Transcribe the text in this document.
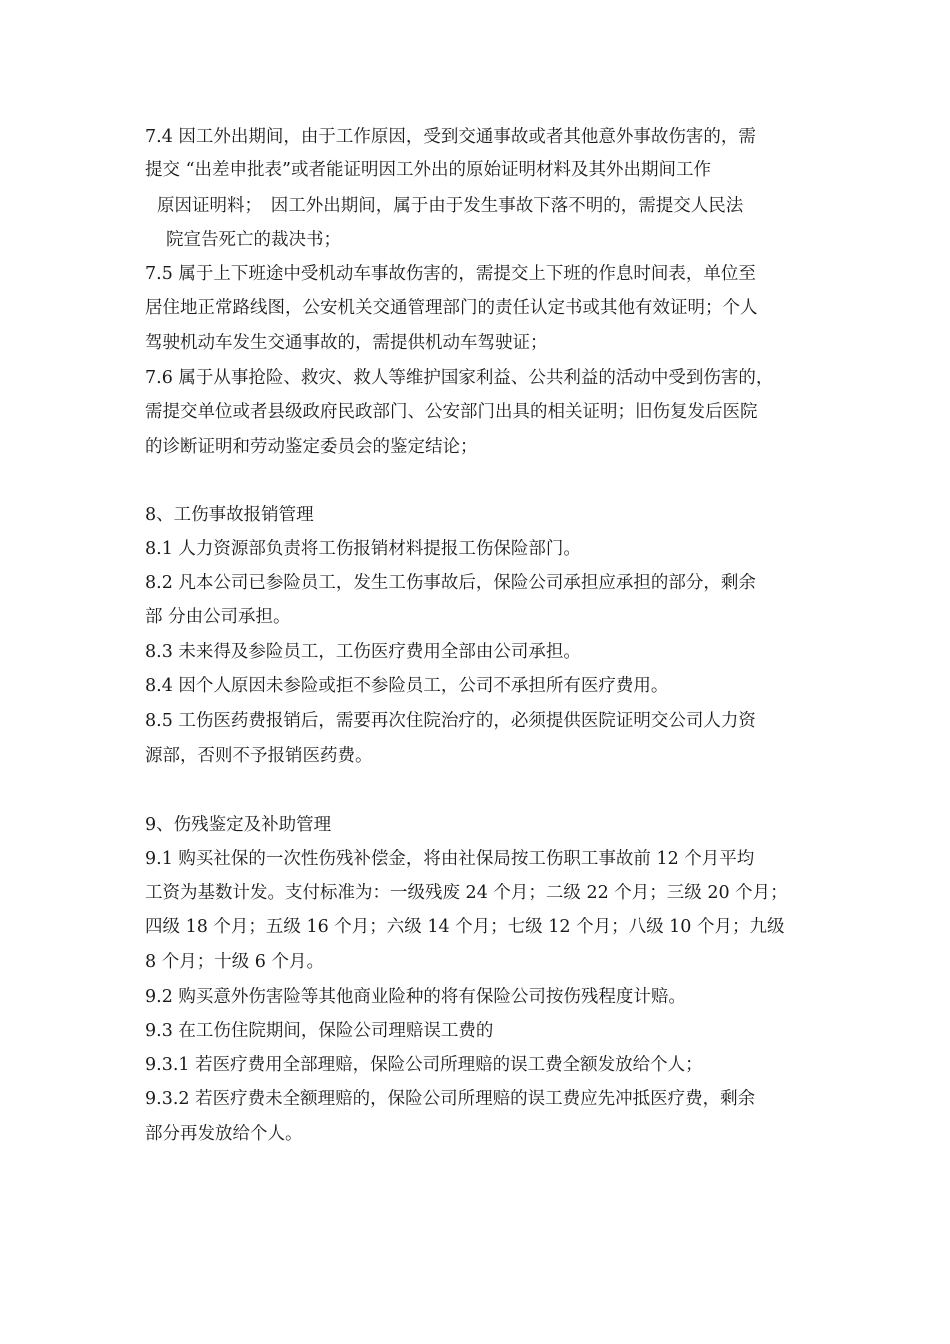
7.4 因工外出期间，由于工作原因，受到交通事故或者其他意外事故伤害的，需
提交 “出差申批表”或者能证明因工外出的原始证明材料及其外出期间工作
原因证明料；　因工外出期间，属于由于发生事故下落不明的，需提交人民法
院宣告死亡的裁决书；
7.5 属于上下班途中受机动车事故伤害的，需提交上下班的作息时间表，单位至
居住地正常路线图，公安机关交通管理部门的责任认定书或其他有效证明；个人
驾驶机动车发生交通事故的，需提供机动车驾驶证；
7.6 属于从事抢险、救灾、救人等维护国家利益、公共利益的活动中受到伤害的，
需提交单位或者县级政府民政部门、公安部门出具的相关证明；旧伤复发后医院
的诊断证明和劳动鉴定委员会的鉴定结论；
8、工伤事故报销管理
8.1 人力资源部负责将工伤报销材料提报工伤保险部门。
8.2 凡本公司已参险员工，发生工伤事故后，保险公司承担应承担的部分，剩余
部 分由公司承担。
8.3 未来得及参险员工，工伤医疗费用全部由公司承担。
8.4 因个人原因未参险或拒不参险员工，公司不承担所有医疗费用。
8.5 工伤医药费报销后，需要再次住院治疗的，必须提供医院证明交公司人力资
源部，否则不予报销医药费。
9、伤残鉴定及补助管理
9.1 购买社保的一次性伤残补偿金，将由社保局按工伤职工事故前 12 个月平均
工资为基数计发。支付标准为：一级残废 24 个月；二级 22 个月；三级 20 个月；
四级 18 个月；五级 16 个月；六级 14 个月；七级 12 个月；八级 10 个月；九级
8 个月；十级 6 个月。
9.2 购买意外伤害险等其他商业险种的将有保险公司按伤残程度计赔。
9.3 在工伤住院期间，保险公司理赔误工费的
9.3.1 若医疗费用全部理赔，保险公司所理赔的误工费全额发放给个人；
9.3.2 若医疗费未全额理赔的，保险公司所理赔的误工费应先冲抵医疗费，剩余
部分再发放给个人。
